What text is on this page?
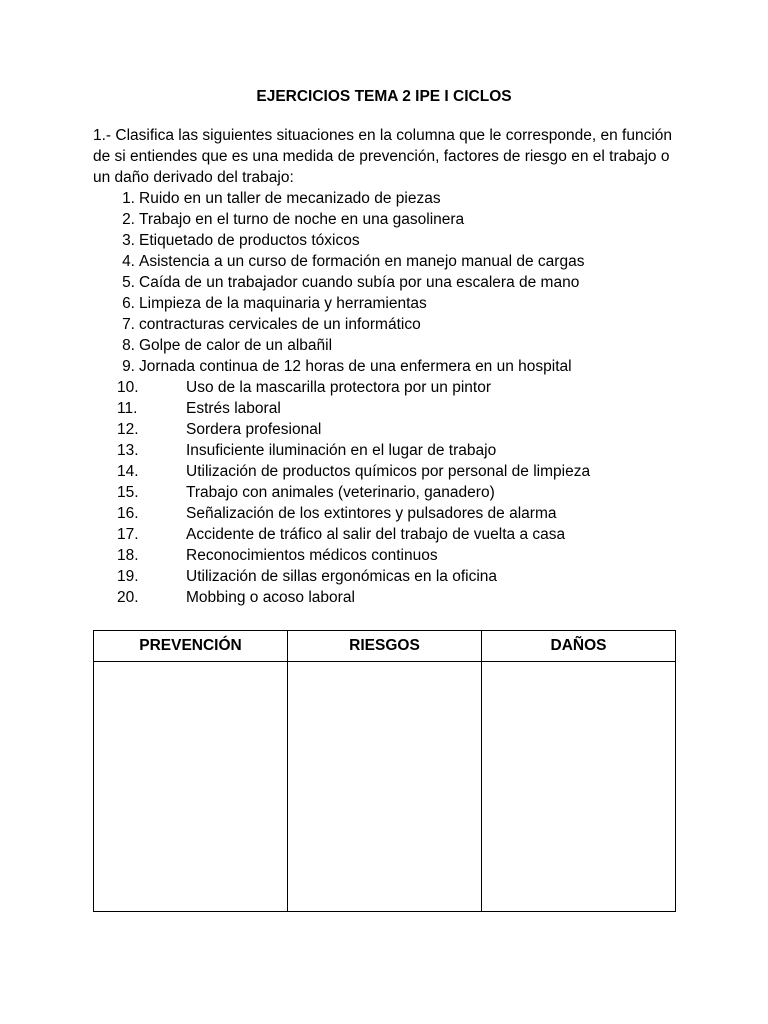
EJERCICIOS TEMA 2 IPE I CICLOS
1.- Clasifica las siguientes situaciones en la columna que le corresponde, en función de si entiendes que es una medida de prevención, factores de riesgo en el trabajo o un daño derivado del trabajo:
1. Ruido en un taller de mecanizado de piezas
2. Trabajo en el turno de noche en una gasolinera
3. Etiquetado de productos tóxicos
4. Asistencia a un curso de formación en manejo manual de cargas
5. Caída de un trabajador cuando subía por una escalera de mano
6. Limpieza de la maquinaria y herramientas
7. contracturas cervicales de un informático
8. Golpe de calor de un albañil
9. Jornada continua de 12 horas de una enfermera en un hospital
10.	Uso de la mascarilla protectora por un pintor
11.	Estrés laboral
12.	Sordera profesional
13.	Insuficiente iluminación en el lugar de trabajo
14.	Utilización de productos químicos por personal de limpieza
15.	Trabajo con animales (veterinario, ganadero)
16.	Señalización de los extintores y pulsadores de alarma
17.	Accidente de tráfico al salir del trabajo de vuelta a casa
18.	Reconocimientos médicos continuos
19.	Utilización de sillas ergonómicas en la oficina
20.	Mobbing o acoso laboral
PREVENCIÓN	RIESGOS	DAÑOS
